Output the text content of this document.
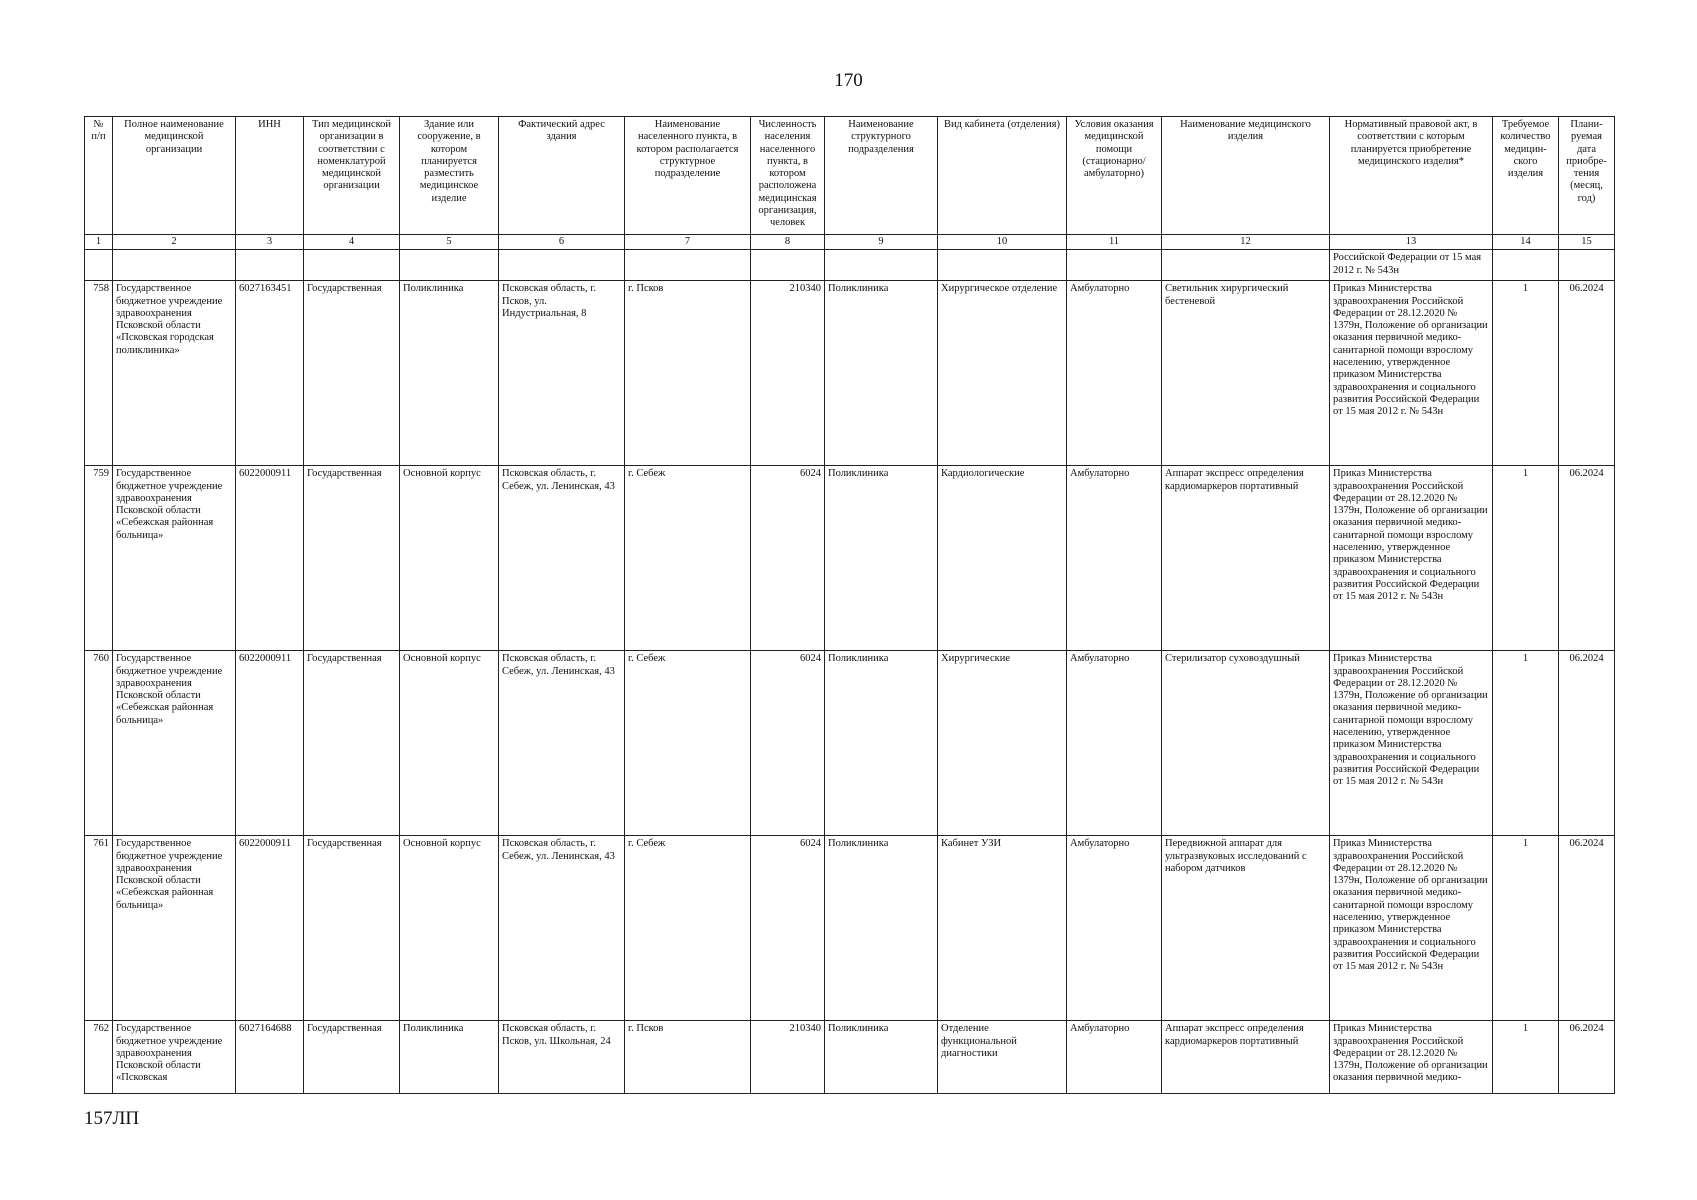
170
№ п/п	Полное наименование медицинской организации	ИНН	Тип медицинской организации в соответствии с номенклатурой медицинской организации	Здание или сооружение, в котором планируется разместить медицинское изделие	Фактический адрес здания	Наименование населенного пункта, в котором располагается структурное подразделение	Численность населения населенного пункта, в котором расположена медицинская организация, человек	Наименование структурного подразделения	Вид кабинета (отделения)	Условия оказания медицинской помощи (стационарно/ амбулаторно)	Наименование медицинского изделия	Нормативный правовой акт, в соответствии с которым планируется приобретение медицинского изделия*	Требуемое количество медицин-ского изделия	Плани-руемая дата приобре-тения (месяц, год)
1	2	3	4	5	6	7	8	9	10	11	12	13	14	15
												Российской Федерации от 15 мая 2012 г. № 543н		
758	Государственное бюджетное учреждение здравоохранения Псковской области «Псковская городская поликлиника»	6027163451	Государственная	Поликлиника	Псковская область, г. Псков, ул. Индустриальная, 8	г. Псков	210340	Поликлиника	Хирургическое отделение	Амбулаторно	Светильник хирургический бестеневой	Приказ Министерства здравоохранения Российской Федерации от 28.12.2020 № 1379н, Положение об организации оказания первичной медико-санитарной помощи взрослому населению, утвержденное приказом Министерства здравоохранения и социального развития Российской Федерации от 15 мая 2012 г. № 543н	1	06.2024
759	Государственное бюджетное учреждение здравоохранения Псковской области «Себежская районная больница»	6022000911	Государственная	Основной корпус	Псковская область, г. Себеж, ул. Ленинская, 43	г. Себеж	6024	Поликлиника	Кардиологические	Амбулаторно	Аппарат экспресс определения кардиомаркеров портативный	Приказ Министерства здравоохранения Российской Федерации от 28.12.2020 № 1379н, Положение об организации оказания первичной медико-санитарной помощи взрослому населению, утвержденное приказом Министерства здравоохранения и социального развития Российской Федерации от 15 мая 2012 г. № 543н	1	06.2024
760	Государственное бюджетное учреждение здравоохранения Псковской области «Себежская районная больница»	6022000911	Государственная	Основной корпус	Псковская область, г. Себеж, ул. Ленинская, 43	г. Себеж	6024	Поликлиника	Хирургические	Амбулаторно	Стерилизатор суховоздушный	Приказ Министерства здравоохранения Российской Федерации от 28.12.2020 № 1379н, Положение об организации оказания первичной медико-санитарной помощи взрослому населению, утвержденное приказом Министерства здравоохранения и социального развития Российской Федерации от 15 мая 2012 г. № 543н	1	06.2024
761	Государственное бюджетное учреждение здравоохранения Псковской области «Себежская районная больница»	6022000911	Государственная	Основной корпус	Псковская область, г. Себеж, ул. Ленинская, 43	г. Себеж	6024	Поликлиника	Кабинет УЗИ	Амбулаторно	Передвижной аппарат для ультразвуковых исследований с набором датчиков	Приказ Министерства здравоохранения Российской Федерации от 28.12.2020 № 1379н, Положение об организации оказания первичной медико-санитарной помощи взрослому населению, утвержденное приказом Министерства здравоохранения и социального развития Российской Федерации от 15 мая 2012 г. № 543н	1	06.2024
762	Государственное бюджетное учреждение здравоохранения Псковской области «Псковская	6027164688	Государственная	Поликлиника	Псковская область, г. Псков, ул. Школьная, 24	г. Псков	210340	Поликлиника	Отделение функциональной диагностики	Амбулаторно	Аппарат экспресс определения кардиомаркеров портативный	Приказ Министерства здравоохранения Российской Федерации от 28.12.2020 № 1379н, Положение об организации оказания первичной медико-	1	06.2024
157ЛП
